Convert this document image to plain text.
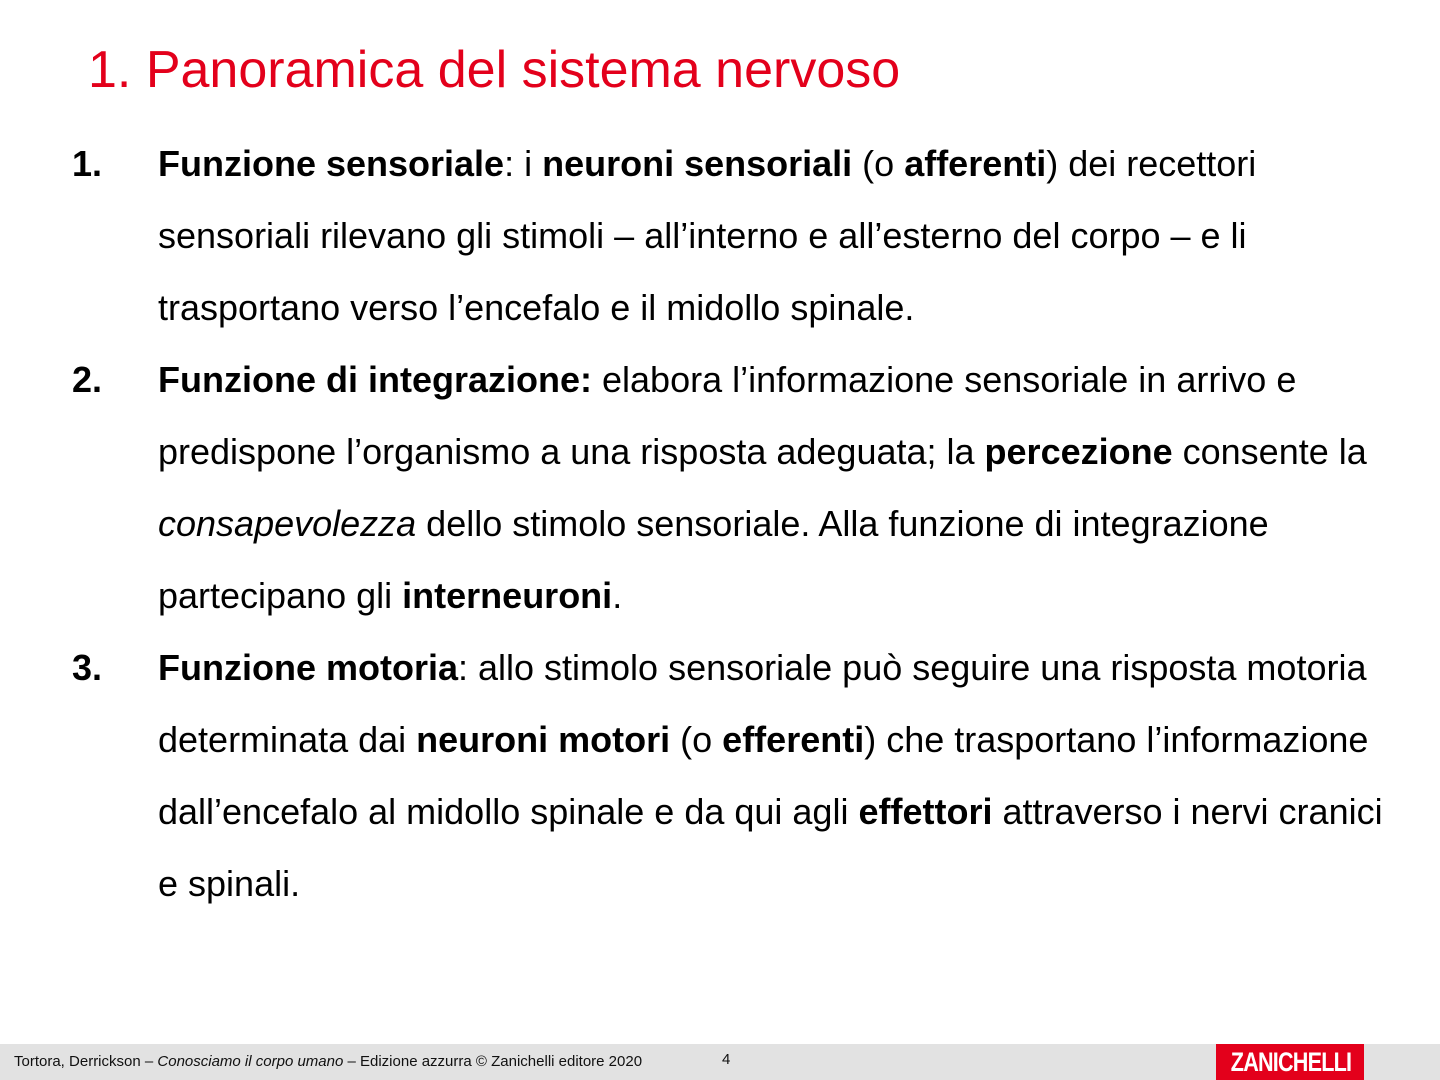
1. Panoramica del sistema nervoso
1. Funzione sensoriale: i neuroni sensoriali (o afferenti) dei recettori sensoriali rilevano gli stimoli – all’interno e all’esterno del corpo – e li trasportano verso l’encefalo e il midollo spinale.
2. Funzione di integrazione: elabora l’informazione sensoriale in arrivo e predispone l’organismo a una risposta adeguata; la percezione consente la consapevolezza dello stimolo sensoriale. Alla funzione di integrazione partecipano gli interneuroni.
3. Funzione motoria: allo stimolo sensoriale può seguire una risposta motoria determinata dai neuroni motori (o efferenti) che trasportano l’informazione dall’encefalo al midollo spinale e da qui agli effettori attraverso i nervi cranici e spinali.
Tortora, Derrickson – Conosciamo il corpo umano – Edizione azzurra © Zanichelli editore 2020	4	ZANICHELLI
